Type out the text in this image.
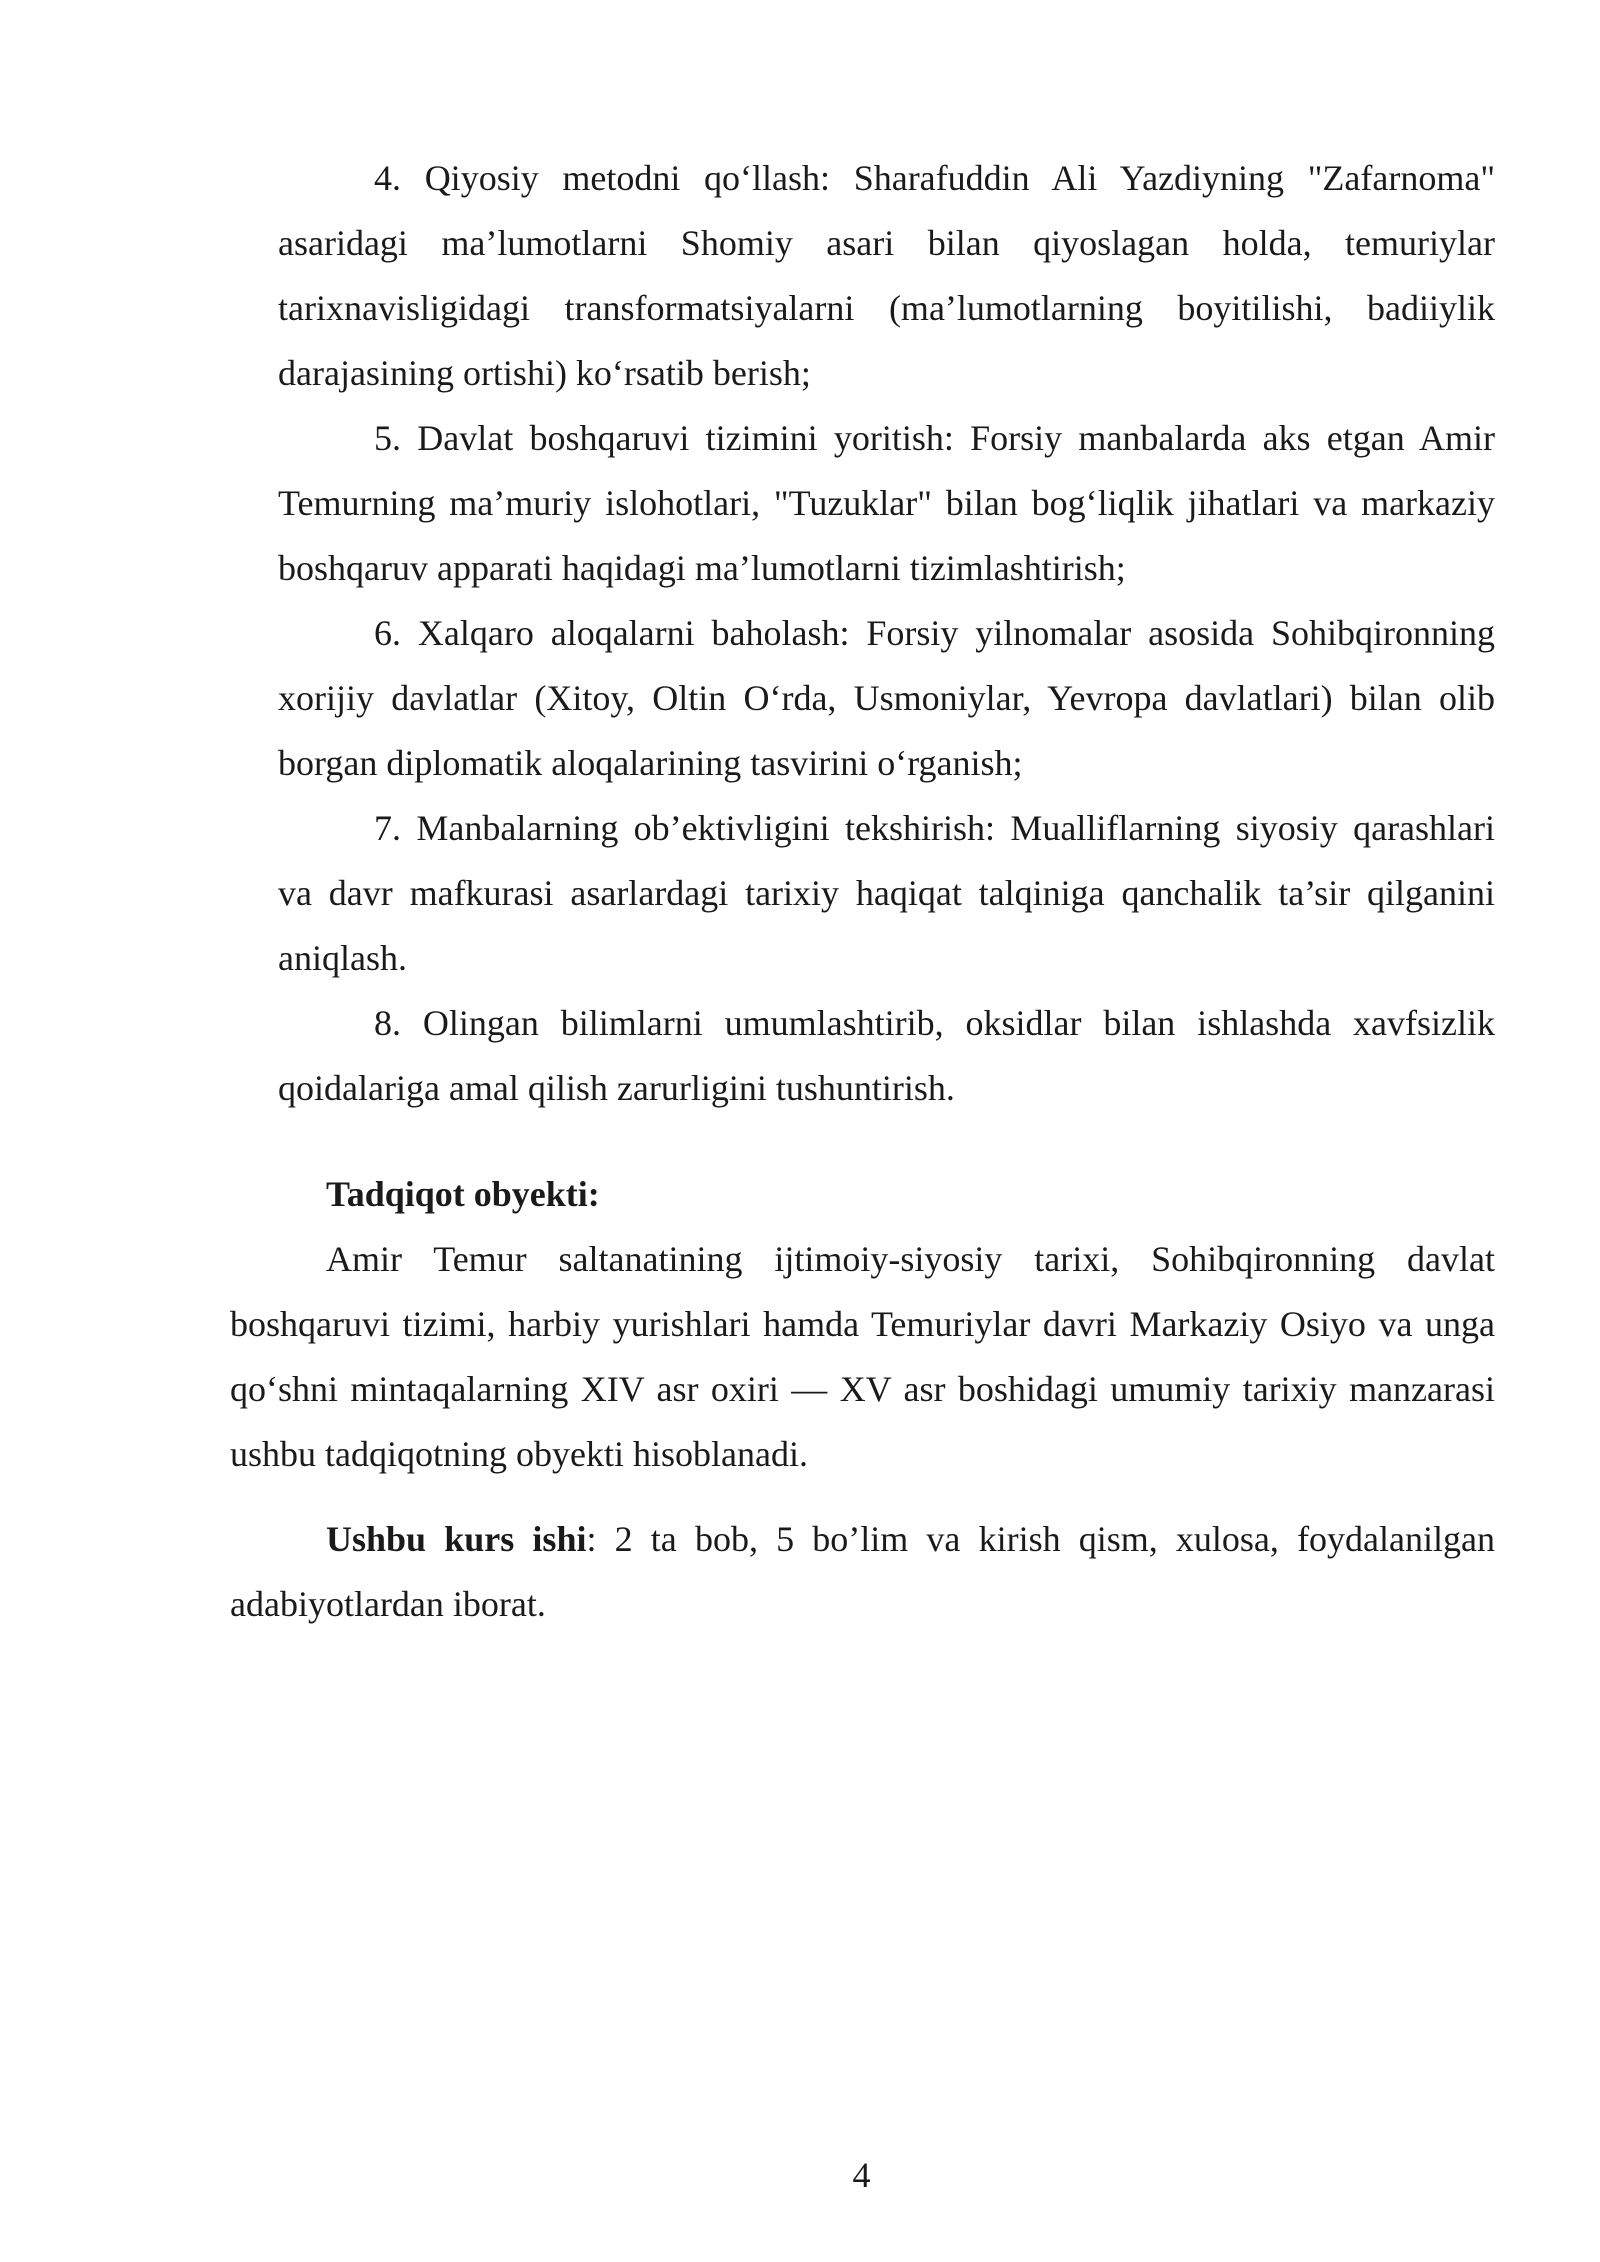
4. Qiyosiy metodni qo‘llash: Sharafuddin Ali Yazdiyning "Zafarnoma" asaridagi ma’lumotlarni Shomiy asari bilan qiyoslagan holda, temuriylar tarixnavisligidagi transformatsiyalarni (ma’lumotlarning boyitilishi, badiiylik darajasining ortishi) ko‘rsatib berish;

5. Davlat boshqaruvi tizimini yoritish: Forsiy manbalarda aks etgan Amir Temurning ma’muriy islohotlari, "Tuzuklar" bilan bog‘liqlik jihatlari va markaziy boshqaruv apparati haqidagi ma’lumotlarni tizimlashtirish;

6. Xalqaro aloqalarni baholash: Forsiy yilnomalar asosida Sohibqironning xorijiy davlatlar (Xitoy, Oltin O‘rda, Usmoniylar, Yevropa davlatlari) bilan olib borgan diplomatik aloqalarining tasvirini o‘rganish;

7. Manbalarning ob’ektivligini tekshirish: Mualliflarning siyosiy qarashlari va davr mafkurasi asarlardagi tarixiy haqiqat talqiniga qanchalik ta’sir qilganini aniqlash.

8. Olingan bilimlarni umumlashtirib, oksidlar bilan ishlashda xavfsizlik qoidalariga amal qilish zarurligini tushuntirish.

Tadqiqot obyekti:

Amir Temur saltanatining ijtimoiy-siyosiy tarixi, Sohibqironning davlat boshqaruvi tizimi, harbiy yurishlari hamda Temuriylar davri Markaziy Osiyo va unga qo‘shni mintaqalarning XIV asr oxiri — XV asr boshidagi umumiy tarixiy manzarasi ushbu tadqiqotning obyekti hisoblanadi.

Ushbu kurs ishi: 2 ta bob, 5 bo’lim va kirish qism, xulosa, foydalanilgan adabiyotlardan iborat.

4
